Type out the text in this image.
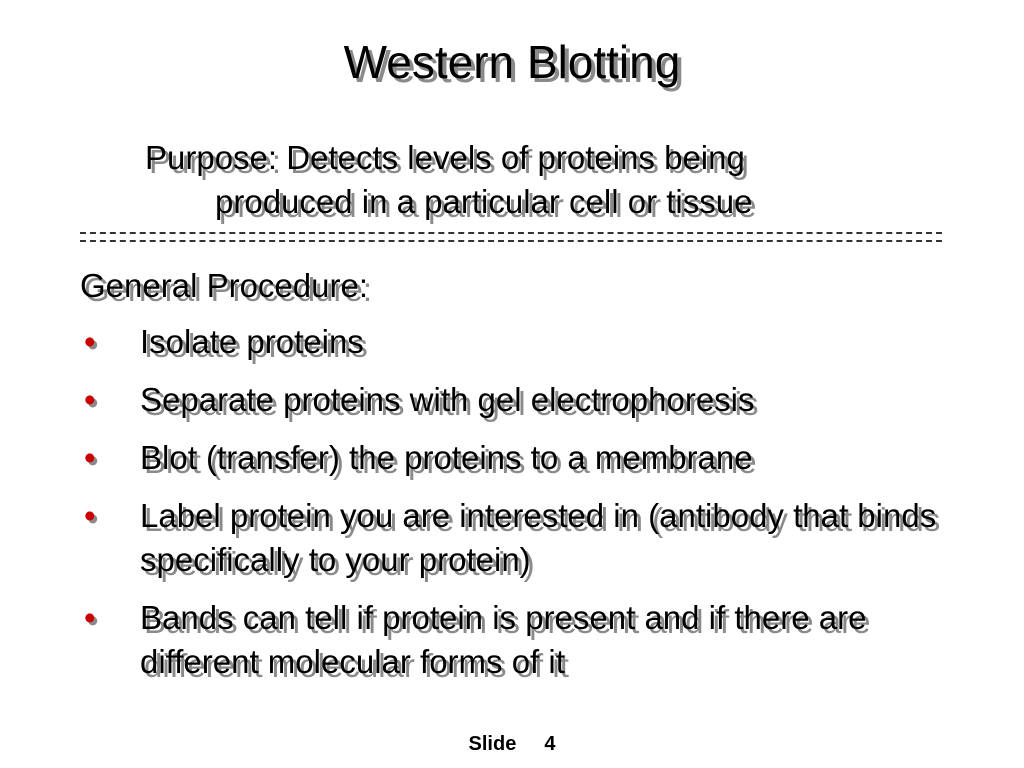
Western Blotting
Purpose: Detects levels of proteins being
produced in a particular cell or tissue
General Procedure:
• Isolate proteins
• Separate proteins with gel electrophoresis
• Blot (transfer) the proteins to a membrane
• Label protein you are interested in (antibody that binds specifically to your protein)
• Bands can tell if protein is present and if there are different molecular forms of it
Slide 4
